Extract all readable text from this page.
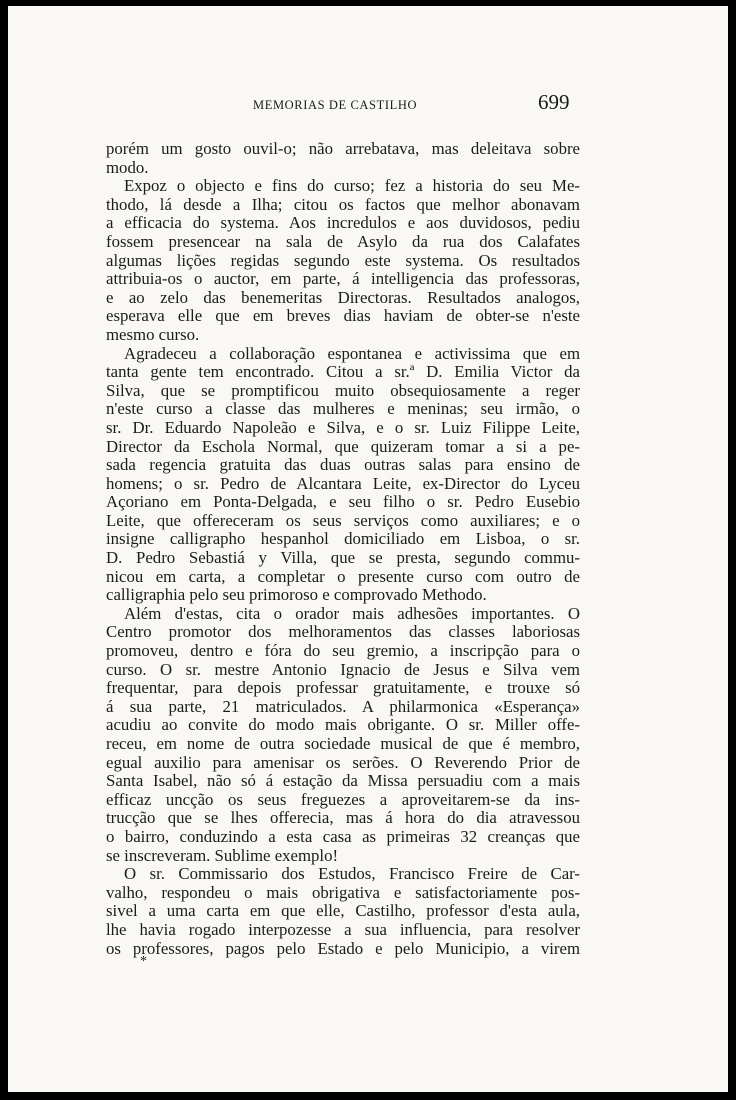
MEMORIAS DE CASTILHO	699
porém um gosto ouvil-o; não arrebatava, mas deleitava sobre
modo.
Expoz o objecto e fins do curso; fez a historia do seu Me-
thodo, lá desde a Ilha; citou os factos que melhor abonavam
a efficacia do systema. Aos incredulos e aos duvidosos, pediu
fossem presencear na sala de Asylo da rua dos Calafates
algumas lições regidas segundo este systema. Os resultados
attribuia-os o auctor, em parte, á intelligencia das professoras,
e ao zelo das benemeritas Directoras. Resultados analogos,
esperava elle que em breves dias haviam de obter-se n'este
mesmo curso.
Agradeceu a collaboração espontanea e activissima que em
tanta gente tem encontrado. Citou a sr.ª D. Emilia Victor da
Silva, que se promptificou muito obsequiosamente a reger
n'este curso a classe das mulheres e meninas; seu irmão, o
sr. Dr. Eduardo Napoleão e Silva, e o sr. Luiz Filippe Leite,
Director da Eschola Normal, que quizeram tomar a si a pe-
sada regencia gratuita das duas outras salas para ensino de
homens; o sr. Pedro de Alcantara Leite, ex-Director do Lyceu
Açoriano em Ponta-Delgada, e seu filho o sr. Pedro Eusebio
Leite, que offereceram os seus serviços como auxiliares; e o
insigne calligrapho hespanhol domiciliado em Lisboa, o sr.
D. Pedro Sebastiá y Villa, que se presta, segundo commu-
nicou em carta, a completar o presente curso com outro de
calligraphia pelo seu primoroso e comprovado Methodo.
Além d'estas, cita o orador mais adhesões importantes. O
Centro promotor dos melhoramentos das classes laboriosas
promoveu, dentro e fóra do seu gremio, a inscripção para o
curso. O sr. mestre Antonio Ignacio de Jesus e Silva vem
frequentar, para depois professar gratuitamente, e trouxe só
á sua parte, 21 matriculados. A philarmonica «Esperança»
acudiu ao convite do modo mais obrigante. O sr. Miller offe-
receu, em nome de outra sociedade musical de que é membro,
egual auxilio para amenisar os serões. O Reverendo Prior de
Santa Isabel, não só á estação da Missa persuadiu com a mais
efficaz uncção os seus freguezes a aproveitarem-se da ins-
trucção que se lhes offerecia, mas á hora do dia atravessou
o bairro, conduzindo a esta casa as primeiras 32 creanças que
se inscreveram. Sublime exemplo!
O sr. Commissario dos Estudos, Francisco Freire de Car-
valho, respondeu o mais obrigativa e satisfactoriamente pos-
sivel a uma carta em que elle, Castilho, professor d'esta aula,
lhe havia rogado interpozesse a sua influencia, para resolver
os professores, pagos pelo Estado e pelo Municipio, a virem
*
